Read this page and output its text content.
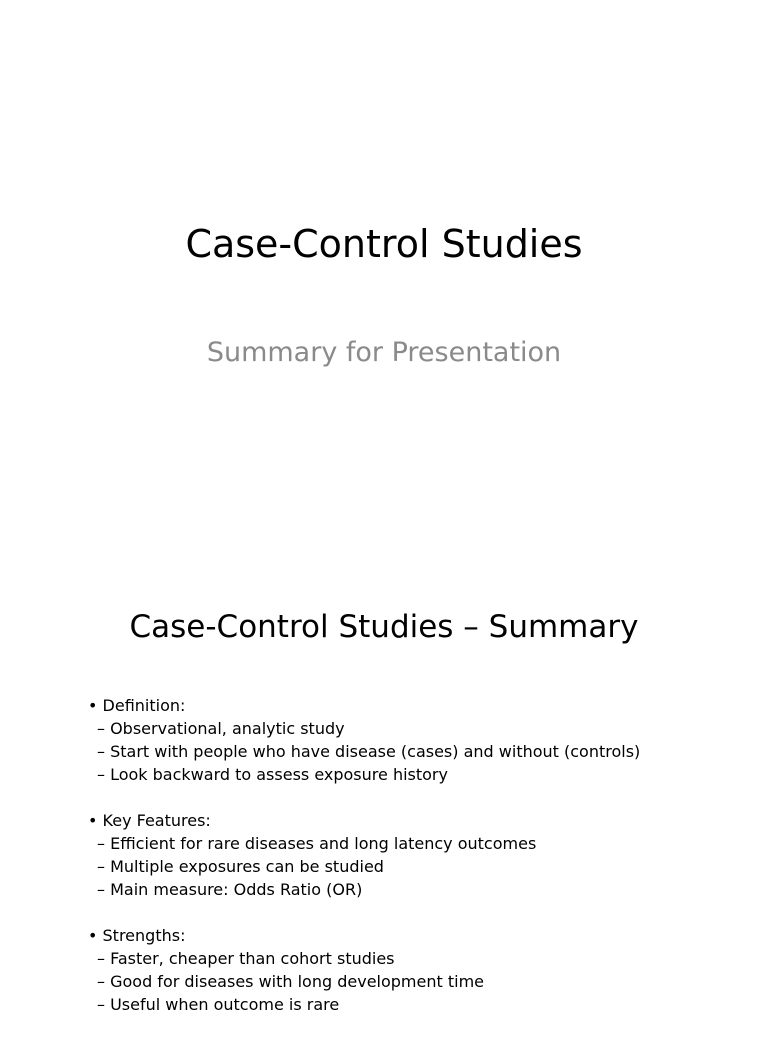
Case-Control Studies
Summary for Presentation
Case-Control Studies – Summary
• Definition:
– Observational, analytic study
– Start with people who have disease (cases) and without (controls)
– Look backward to assess exposure history
• Key Features:
– Efficient for rare diseases and long latency outcomes
– Multiple exposures can be studied
– Main measure: Odds Ratio (OR)
• Strengths:
– Faster, cheaper than cohort studies
– Good for diseases with long development time
– Useful when outcome is rare
